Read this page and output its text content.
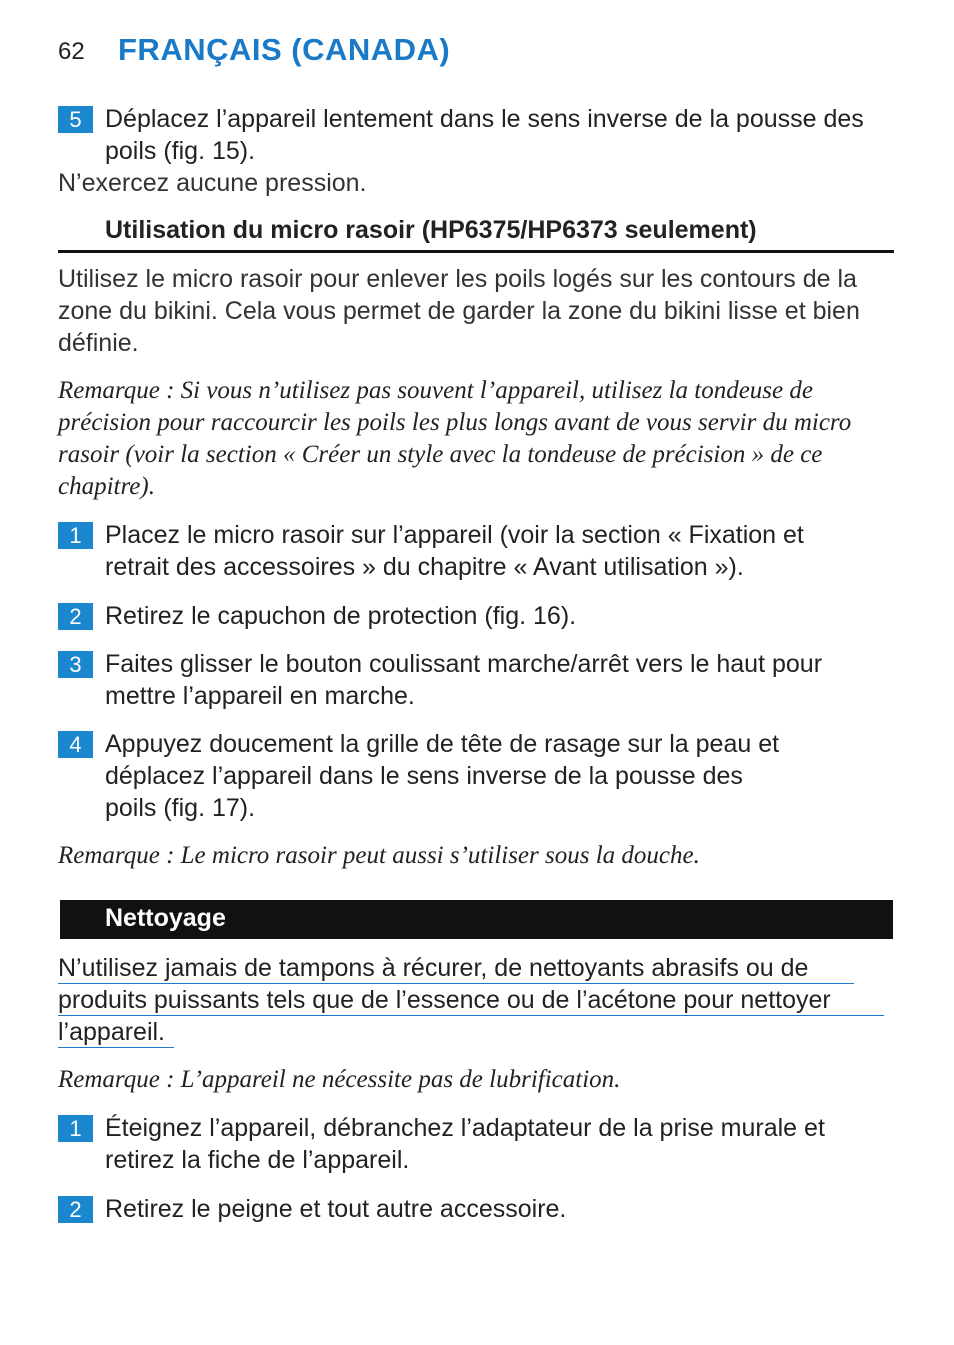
62 FRANÇAIS (CANADA)
5 Déplacez l’appareil lentement dans le sens inverse de la pousse des
poils (fig. 15).
N’exercez aucune pression.
Utilisation du micro rasoir (HP6375/HP6373 seulement)
Utilisez le micro rasoir pour enlever les poils logés sur les contours de la
zone du bikini. Cela vous permet de garder la zone du bikini lisse et bien
définie.
Remarque : Si vous n’utilisez pas souvent l’appareil, utilisez la tondeuse de
précision pour raccourcir les poils les plus longs avant de vous servir du micro
rasoir (voir la section « Créer un style avec la tondeuse de précision » de ce
chapitre).
1 Placez le micro rasoir sur l’appareil (voir la section « Fixation et
retrait des accessoires » du chapitre « Avant utilisation »).
2 Retirez le capuchon de protection (fig. 16).
3 Faites glisser le bouton coulissant marche/arrêt vers le haut pour
mettre l’appareil en marche.
4 Appuyez doucement la grille de tête de rasage sur la peau et
déplacez l’appareil dans le sens inverse de la pousse des
poils (fig. 17).
Remarque : Le micro rasoir peut aussi s’utiliser sous la douche.
Nettoyage
N’utilisez jamais de tampons à récurer, de nettoyants abrasifs ou de
produits puissants tels que de l’essence ou de l’acétone pour nettoyer
l’appareil.
Remarque : L’appareil ne nécessite pas de lubrification.
1 Éteignez l’appareil, débranchez l’adaptateur de la prise murale et
retirez la fiche de l’appareil.
2 Retirez le peigne et tout autre accessoire.
